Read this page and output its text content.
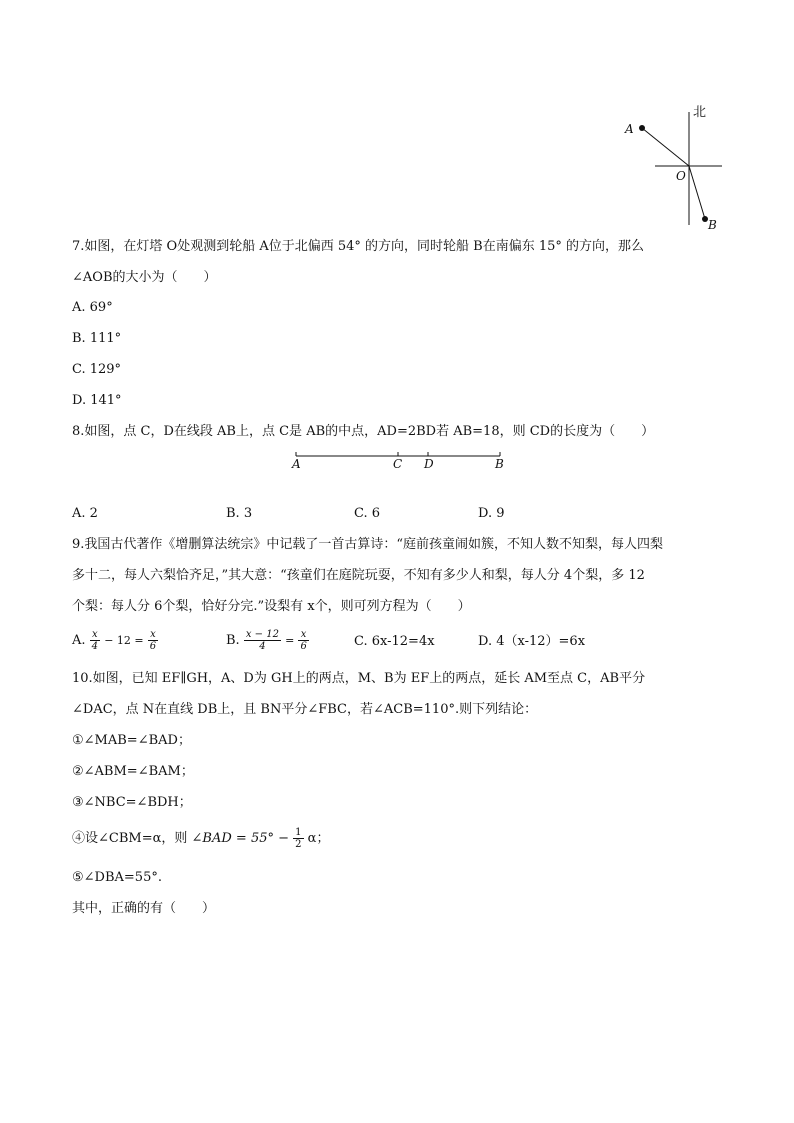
北
A
O
B
A	C D	B
7.如图，在灯塔 O处观测到轮船 A位于北偏西 54° 的方向，同时轮船 B在南偏东 15° 的方向，那么
∠AOB的大小为（　　）
A. 69°
B. 111°
C. 129°
D. 141°
8.如图，点 C，D在线段 AB上，点 C是 AB的中点，AD=2BD若 AB=18，则 CD的长度为（　　）
A. 2	B. 3	C. 6	D. 9
9.我国古代著作《增删算法统宗》中记载了一首古算诗：“庭前孩童闹如簇，不知人数不知梨，每人四梨
多十二，每人六梨恰齐足，”其大意：“孩童们在庭院玩耍，不知有多少人和梨，每人分 4个梨，多 12
个梨：每人分 6个梨，恰好分完.”设梨有 x个，则可列方程为（　　）
A. $\frac{x}{4} - 12 = \frac{x}{6}$	B. $\frac{x - 12}{4} = \frac{x}{6}$	C. 6x-12=4x	D. 4（x-12）=6x
10.如图，已知 EF∥GH，A、D为 GH上的两点，M、B为 EF上的两点，延长 AM至点 C，AB平分
∠DAC，点 N在直线 DB上，且 BN平分∠FBC，若∠ACB=110°.则下列结论：
①∠MAB=∠BAD；
②∠ABM=∠BAM；
③∠NBC=∠BDH；
④设∠CBM=α，则 ∠BAD = $55^\circ - \frac{1}{2}$ α；
⑤∠DBA=55°.
其中，正确的有（　　）
